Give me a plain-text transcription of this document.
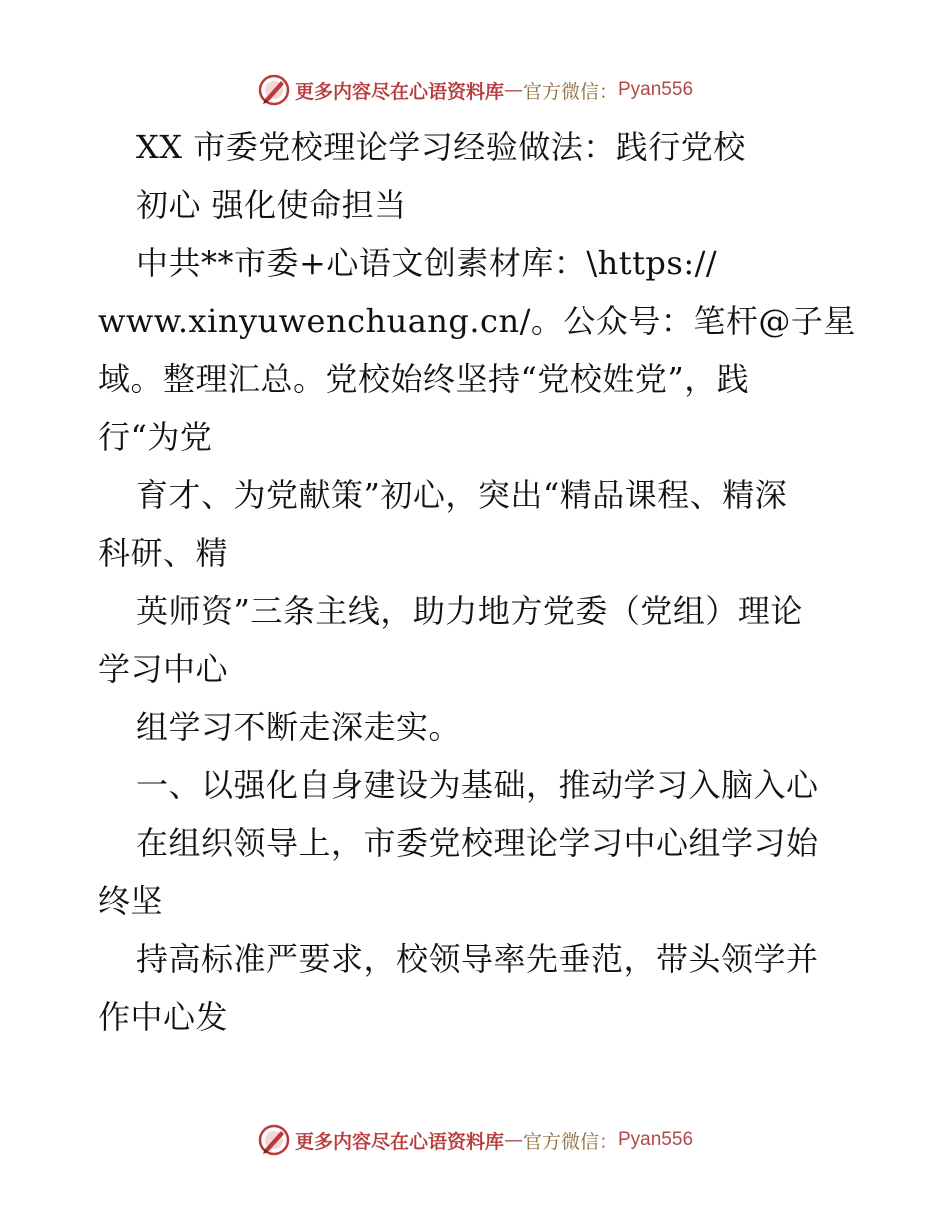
更多内容尽在心语资料库 — 官方微信： Pyan556
XX 市委党校理论学习经验做法：践行党校
初心 强化使命担当
中共**市委+心语文创素材库：\https://
www.xinyuwenchuang.cn/。公众号：笔杆@子星
域。整理汇总。党校始终坚持“党校姓党”，践
行“为党
育才、为党献策”初心，突出“精品课程、精深
科研、精
英师资”三条主线，助力地方党委（党组）理论
学习中心
组学习不断走深走实。
一、以强化自身建设为基础，推动学习入脑入心
在组织领导上，市委党校理论学习中心组学习始
终坚
持高标准严要求，校领导率先垂范，带头领学并
作中心发
更多内容尽在心语资料库 — 官方微信： Pyan556
